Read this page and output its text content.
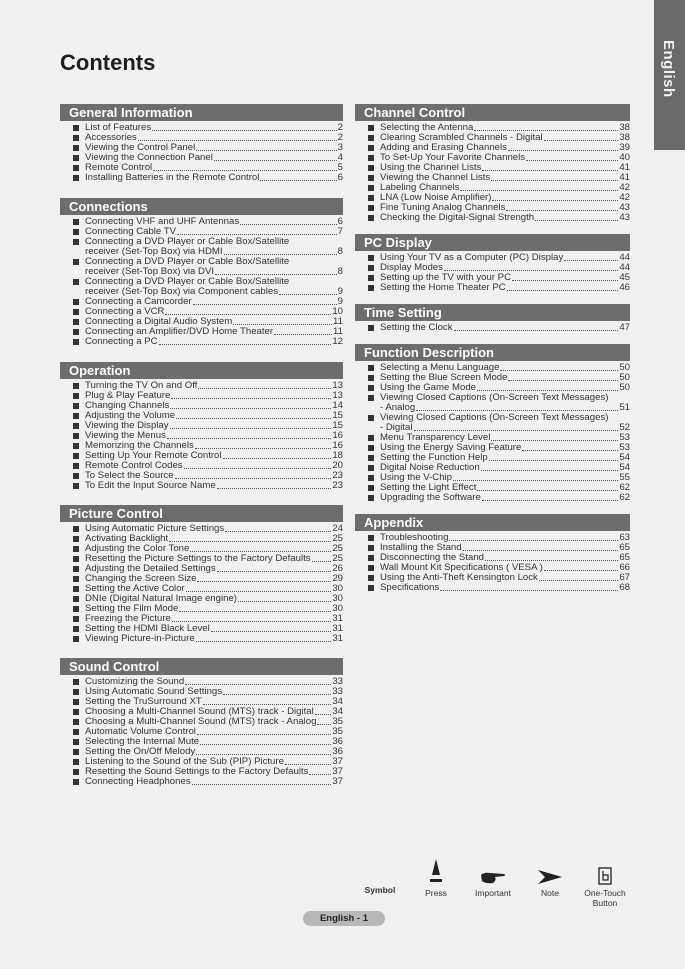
English
Contents
General Information
List of Features	2
Accessories	2
Viewing the Control Panel	3
Viewing the Connection Panel	4
Remote Control	5
Installing Batteries in the Remote Control	6
Connections
Connecting VHF and UHF Antennas	6
Connecting Cable TV	7
Connecting a DVD Player or Cable Box/Satellite
receiver (Set-Top Box) via HDMI	8
Connecting a DVD Player or Cable Box/Satellite
receiver (Set-Top Box) via DVI	8
Connecting a DVD Player or Cable Box/Satellite
receiver (Set-Top Box) via Component cables	9
Connecting a Camcorder	9
Connecting a VCR	10
Connecting a Digital Audio System	11
Connecting an Amplifier/DVD Home Theater	11
Connecting a PC	12
Operation
Turning the TV On and Off	13
Plug & Play Feature	13
Changing Channels	14
Adjusting the Volume	15
Viewing the Display	15
Viewing the Menus	16
Memorizing the Channels	16
Setting Up Your Remote Control	18
Remote Control Codes	20
To Select the Source	23
To Edit the Input Source Name	23
Picture Control
Using Automatic Picture Settings	24
Activating Backlight	25
Adjusting the Color Tone	25
Resetting the Picture Settings to the Factory Defaults 25
Adjusting the Detailed Settings	26
Changing the Screen Size	29
Setting the Active Color	30
DNIe (Digital Natural Image engine)	30
Setting the Film Mode	30
Freezing the Picture	31
Setting the HDMI Black Level	31
Viewing Picture-in-Picture	31
Sound Control
Customizing the Sound	33
Using Automatic Sound Settings	33
Setting the TruSurround XT	34
Choosing a Multi-Channel Sound (MTS) track - Digital 34
Choosing a Multi-Channel Sound (MTS) track - Analog 35
Automatic Volume Control	35
Selecting the Internal Mute	36
Setting the On/Off Melody	36
Listening to the Sound of the Sub (PIP) Picture	37
Resetting the Sound Settings to the Factory Defaults 37
Connecting Headphones	37
Channel Control
Selecting the Antenna	38
Clearing Scrambled Channels - Digital	38
Adding and Erasing Channels	39
To Set-Up Your Favorite Channels	40
Using the Channel Lists	41
Viewing the Channel Lists	41
Labeling Channels	42
LNA (Low Noise Amplifier)	42
Fine Tuning Analog Channels	43
Checking the Digital-Signal Strength	43
PC Display
Using Your TV as a Computer (PC) Display	44
Display Modes	44
Setting up the TV with your PC	45
Setting the Home Theater PC	46
Time Setting
Setting the Clock	47
Function Description
Selecting a Menu Language	50
Setting the Blue Screen Mode	50
Using the Game Mode	50
Viewing Closed Captions (On-Screen Text Messages)
- Analog	51
Viewing Closed Captions (On-Screen Text Messages)
- Digital	52
Menu Transparency Level	53
Using the Energy Saving Feature	53
Setting the Function Help	54
Digital Noise Reduction	54
Using the V-Chip	55
Setting the Light Effect	62
Upgrading the Software	62
Appendix
Troubleshooting	63
Installing the Stand	65
Disconnecting the Stand	65
Wall Mount Kit Specifications ( VESA )	66
Using the Anti-Theft Kensington Lock	67
Specifications	68
Symbol	Press	Important	Note	One-Touch
Button
English - 1
